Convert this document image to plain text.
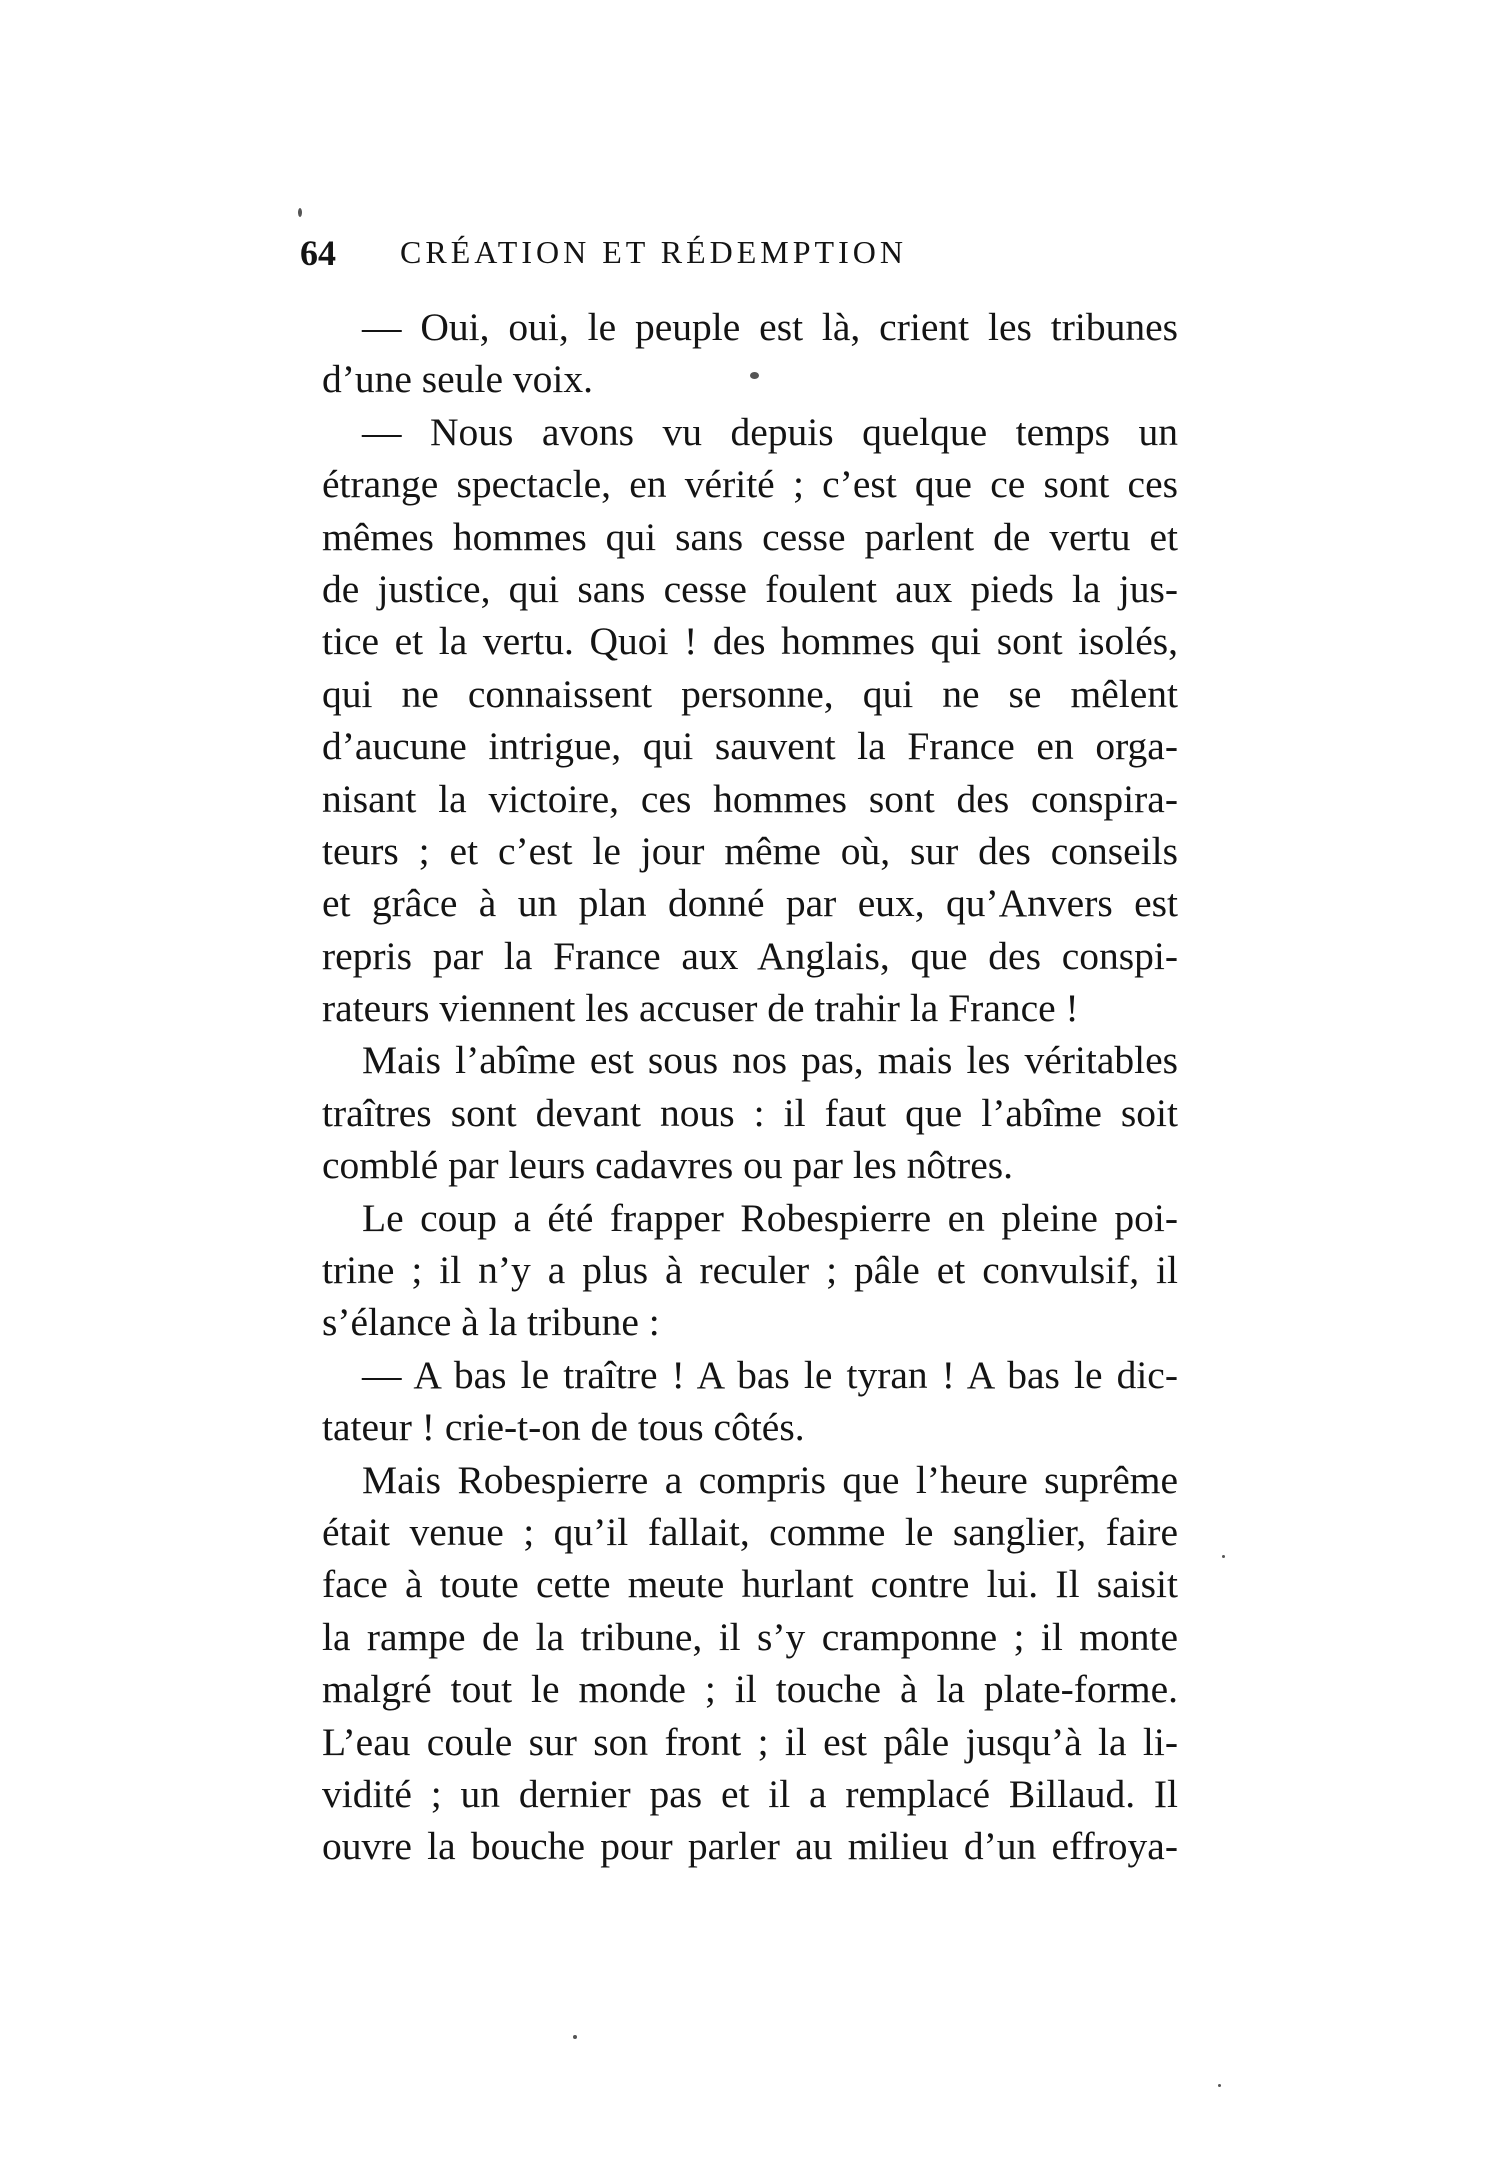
64 CRÉATION ET RÉDEMPTION
— Oui, oui, le peuple est là, crient les tribunes
d’une seule voix.
— Nous avons vu depuis quelque temps un
étrange spectacle, en vérité ; c’est que ce sont ces
mêmes hommes qui sans cesse parlent de vertu et
de justice, qui sans cesse foulent aux pieds la jus-
tice et la vertu. Quoi ! des hommes qui sont isolés,
qui ne connaissent personne, qui ne se mêlent
d’aucune intrigue, qui sauvent la France en orga-
nisant la victoire, ces hommes sont des conspira-
teurs ; et c’est le jour même où, sur des conseils
et grâce à un plan donné par eux, qu’Anvers est
repris par la France aux Anglais, que des conspi-
rateurs viennent les accuser de trahir la France !
Mais l’abîme est sous nos pas, mais les véritables
traîtres sont devant nous : il faut que l’abîme soit
comblé par leurs cadavres ou par les nôtres.
Le coup a été frapper Robespierre en pleine poi-
trine ; il n’y a plus à reculer ; pâle et convulsif, il
s’élance à la tribune :
— A bas le traître ! A bas le tyran ! A bas le dic-
tateur ! crie-t-on de tous côtés.
Mais Robespierre a compris que l’heure suprême
était venue ; qu’il fallait, comme le sanglier, faire
face à toute cette meute hurlant contre lui. Il saisit
la rampe de la tribune, il s’y cramponne ; il monte
malgré tout le monde ; il touche à la plate-forme.
L’eau coule sur son front ; il est pâle jusqu’à la li-
vidité ; un dernier pas et il a remplacé Billaud. Il
ouvre la bouche pour parler au milieu d’un effroya-
